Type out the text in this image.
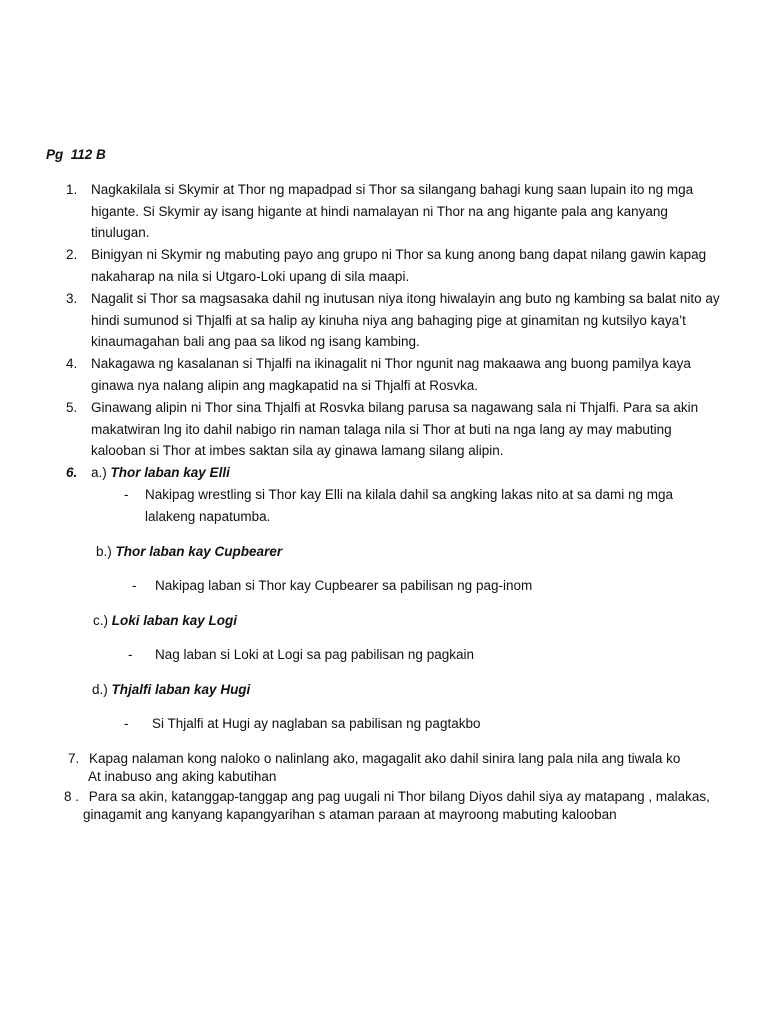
Pg  112 B
1. Nagkakilala si Skymir at Thor ng mapadpad si Thor sa silangang bahagi kung saan lupain ito ng mga higante. Si Skymir ay isang higante at hindi namalayan ni Thor na ang higante pala ang kanyang tinulugan.
2. Binigyan ni Skymir ng mabuting payo ang grupo ni Thor sa kung anong bang dapat nilang gawin kapag nakaharap na nila si Utgaro-Loki upang di sila maapi.
3. Nagalit si Thor sa magsasaka dahil ng inutusan niya itong hiwalayin ang buto ng kambing sa balat nito ay hindi sumunod si Thjalfi at sa halip ay kinuha niya ang bahaging pige at ginamitan ng kutsilyo kaya’t kinaumagahan bali ang paa sa likod ng isang kambing.
4. Nakagawa ng kasalanan si Thjalfi na ikinagalit ni Thor ngunit nag makaawa ang buong pamilya kaya ginawa nya nalang alipin ang magkapatid na si Thjalfi at Rosvka.
5. Ginawang alipin ni Thor sina Thjalfi at Rosvka bilang parusa sa nagawang sala ni Thjalfi. Para sa akin makatwiran lng ito dahil nabigo rin naman talaga nila si Thor at buti na nga lang ay may mabuting kalooban si Thor at imbes saktan sila ay ginawa lamang silang alipin.
6. a.) Thor laban kay Elli
- Nakipag wrestling si Thor kay Elli na kilala dahil sa angking lakas nito at sa dami ng mga lalakeng napatumba.
b.) Thor laban kay Cupbearer
- Nakipag laban si Thor kay Cupbearer sa pabilisan ng pag-inom
c.) Loki laban kay Logi
- Nag laban si Loki at Logi sa pag pabilisan ng pagkain
d.) Thjalfi laban kay Hugi
- Si Thjalfi at Hugi ay naglaban sa pabilisan ng pagtakbo
7. Kapag nalaman kong naloko o nalinlang ako, magagalit ako dahil sinira lang pala nila ang tiwala ko
At inabuso ang aking kabutihan
8 . Para sa akin, katanggap-tanggap ang pag uugali ni Thor bilang Diyos dahil siya ay matapang , malakas,
ginagamit ang kanyang kapangyarihan s ataman paraan at mayroong mabuting kalooban
